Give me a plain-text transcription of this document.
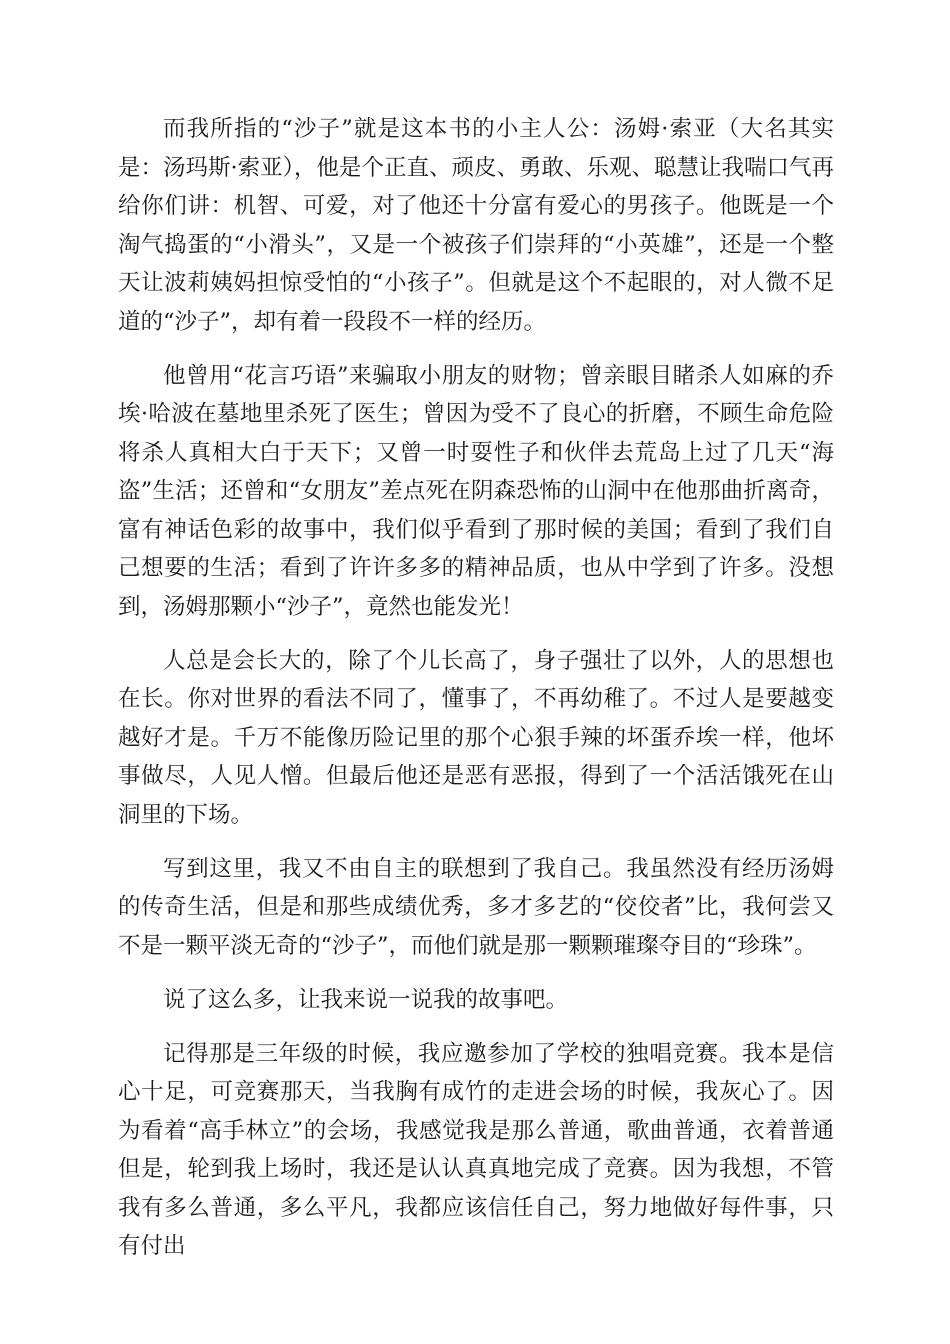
而我所指的“沙子”就是这本书的小主人公：汤姆·索亚（大名其实是：汤玛斯·索亚），他是个正直、顽皮、勇敢、乐观、聪慧让我喘口气再给你们讲：机智、可爱，对了他还十分富有爱心的男孩子。他既是一个淘气捣蛋的“小滑头”，又是一个被孩子们崇拜的“小英雄”，还是一个整天让波莉姨妈担惊受怕的“小孩子”。但就是这个不起眼的，对人微不足道的“沙子”，却有着一段段不一样的经历。

他曾用“花言巧语”来骗取小朋友的财物；曾亲眼目睹杀人如麻的乔埃·哈波在墓地里杀死了医生；曾因为受不了良心的折磨，不顾生命危险将杀人真相大白于天下；又曾一时耍性子和伙伴去荒岛上过了几天“海盗”生活；还曾和“女朋友”差点死在阴森恐怖的山洞中在他那曲折离奇，富有神话色彩的故事中，我们似乎看到了那时候的美国；看到了我们自己想要的生活；看到了许许多多的精神品质，也从中学到了许多。没想到，汤姆那颗小“沙子”，竟然也能发光！

人总是会长大的，除了个儿长高了，身子强壮了以外，人的思想也在长。你对世界的看法不同了，懂事了，不再幼稚了。不过人是要越变越好才是。千万不能像历险记里的那个心狠手辣的坏蛋乔埃一样，他坏事做尽，人见人憎。但最后他还是恶有恶报，得到了一个活活饿死在山洞里的下场。

写到这里，我又不由自主的联想到了我自己。我虽然没有经历汤姆的传奇生活，但是和那些成绩优秀，多才多艺的“佼佼者”比，我何尝又不是一颗平淡无奇的“沙子”，而他们就是那一颗颗璀璨夺目的“珍珠”。

说了这么多，让我来说一说我的故事吧。

记得那是三年级的时候，我应邀参加了学校的独唱竞赛。我本是信心十足，可竞赛那天，当我胸有成竹的走进会场的时候，我灰心了。因为看着“高手林立”的会场，我感觉我是那么普通，歌曲普通，衣着普通但是，轮到我上场时，我还是认认真真地完成了竞赛。因为我想，不管我有多么普通，多么平凡，我都应该信任自己，努力地做好每件事，只有付出
